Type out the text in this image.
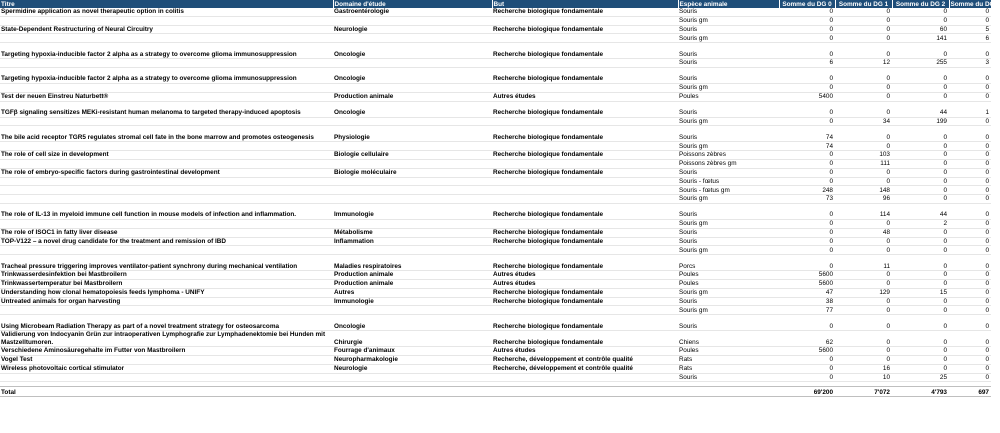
Titre	Domaine d'étude	But	Espèce animale	Somme du DG 0	Somme du DG 1	Somme du DG 2	Somme du DG 3
Spermidine application as novel therapeutic option in colitis	Gastroentérologie	Recherche biologique fondamentale	Souris	0	0	0	0
			Souris gm	0	0	0	0
State-Dependent Restructuring of Neural Circuitry	Neurologie	Recherche biologique fondamentale	Souris	0	0	60	5
			Souris gm	0	0	141	6
Targeting hypoxia-inducible factor 2 alpha as a strategy to overcome glioma immunosuppression	Oncologie	Recherche biologique fondamentale	Souris	0	0	0	0
			Souris	6	12	255	3
Targeting hypoxia-inducible factor 2 alpha as a strategy to overcome glioma immunosuppression	Oncologie	Recherche biologique fondamentale	Souris	0	0	0	0
			Souris gm	0	0	0	0
Test der neuen Einstreu Naturbett®	Production animale	Autres études	Poules	5400	0	0	0
TGFβ signaling sensitizes MEKi-resistant human melanoma to targeted therapy-induced apoptosis	Oncologie	Recherche biologique fondamentale	Souris	0	0	44	1
			Souris gm	0	34	199	0
The bile acid receptor TGR5 regulates stromal cell fate in the bone marrow and promotes osteogenesis	Physiologie	Recherche biologique fondamentale	Souris	74	0	0	0
			Souris gm	74	0	0	0
The role of cell size in development	Biologie cellulaire	Recherche biologique fondamentale	Poissons zèbres	0	103	0	0
			Poissons zèbres gm	0	111	0	0
The role of embryo-specific factors during gastrointestinal development	Biologie moléculaire	Recherche biologique fondamentale	Souris	0	0	0	0
			Souris - fœtus	0	0	0	0
			Souris - fœtus gm	248	148	0	0
			Souris gm	73	96	0	0
The role of IL-13 in myeloid immune cell function in mouse models of infection and inflammation.	Immunologie	Recherche biologique fondamentale	Souris	0	114	44	0
			Souris gm	0	0	2	0
The role of ISOC1 in fatty liver disease	Métabolisme	Recherche biologique fondamentale	Souris	0	48	0	0
TOP-V122 – a novel drug candidate for the treatment and remission of IBD	Inflammation	Recherche biologique fondamentale	Souris	0	0	0	0
			Souris gm	0	0	0	0
Tracheal pressure triggering improves ventilator-patient synchrony during mechanical ventilation	Maladies respiratoires	Recherche biologique fondamentale	Porcs	0	11	0	0
Trinkwasserdesinfektion bei Mastbroilern	Production animale	Autres études	Poules	5600	0	0	0
Trinkwassertemperatur bei Mastbroilern	Production animale	Autres études	Poules	5600	0	0	0
Understanding how clonal hematopoiesis feeds lymphoma - UNIFY	Autres	Recherche biologique fondamentale	Souris gm	47	129	15	0
Untreated animals for organ harvesting	Immunologie	Recherche biologique fondamentale	Souris	38	0	0	0
			Souris gm	77	0	0	0
Using Microbeam Radiation Therapy as part of a novel treatment strategy for osteosarcoma	Oncologie	Recherche biologique fondamentale	Souris	0	0	0	0
Validierung von Indocyanin Grün zur intraoperativen Lymphografie zur Lymphadenektomie bei Hunden mit Mastzelltumoren.	Chirurgie	Recherche biologique fondamentale	Chiens	62	0	0	0
Verschiedene Aminosäuregehalte im Futter von Mastbroilern	Fourrage d'animaux	Autres études	Poules	5600	0	0	0
Vogel Test	Neuropharmakologie	Recherche, développement et contrôle qualité	Rats	0	0	0	0
Wireless photovoltaic cortical stimulator	Neurologie	Recherche, développement et contrôle qualité	Rats	0	16	0	0
			Souris	0	10	25	0

Total				69'200	7'072	4'793	697
